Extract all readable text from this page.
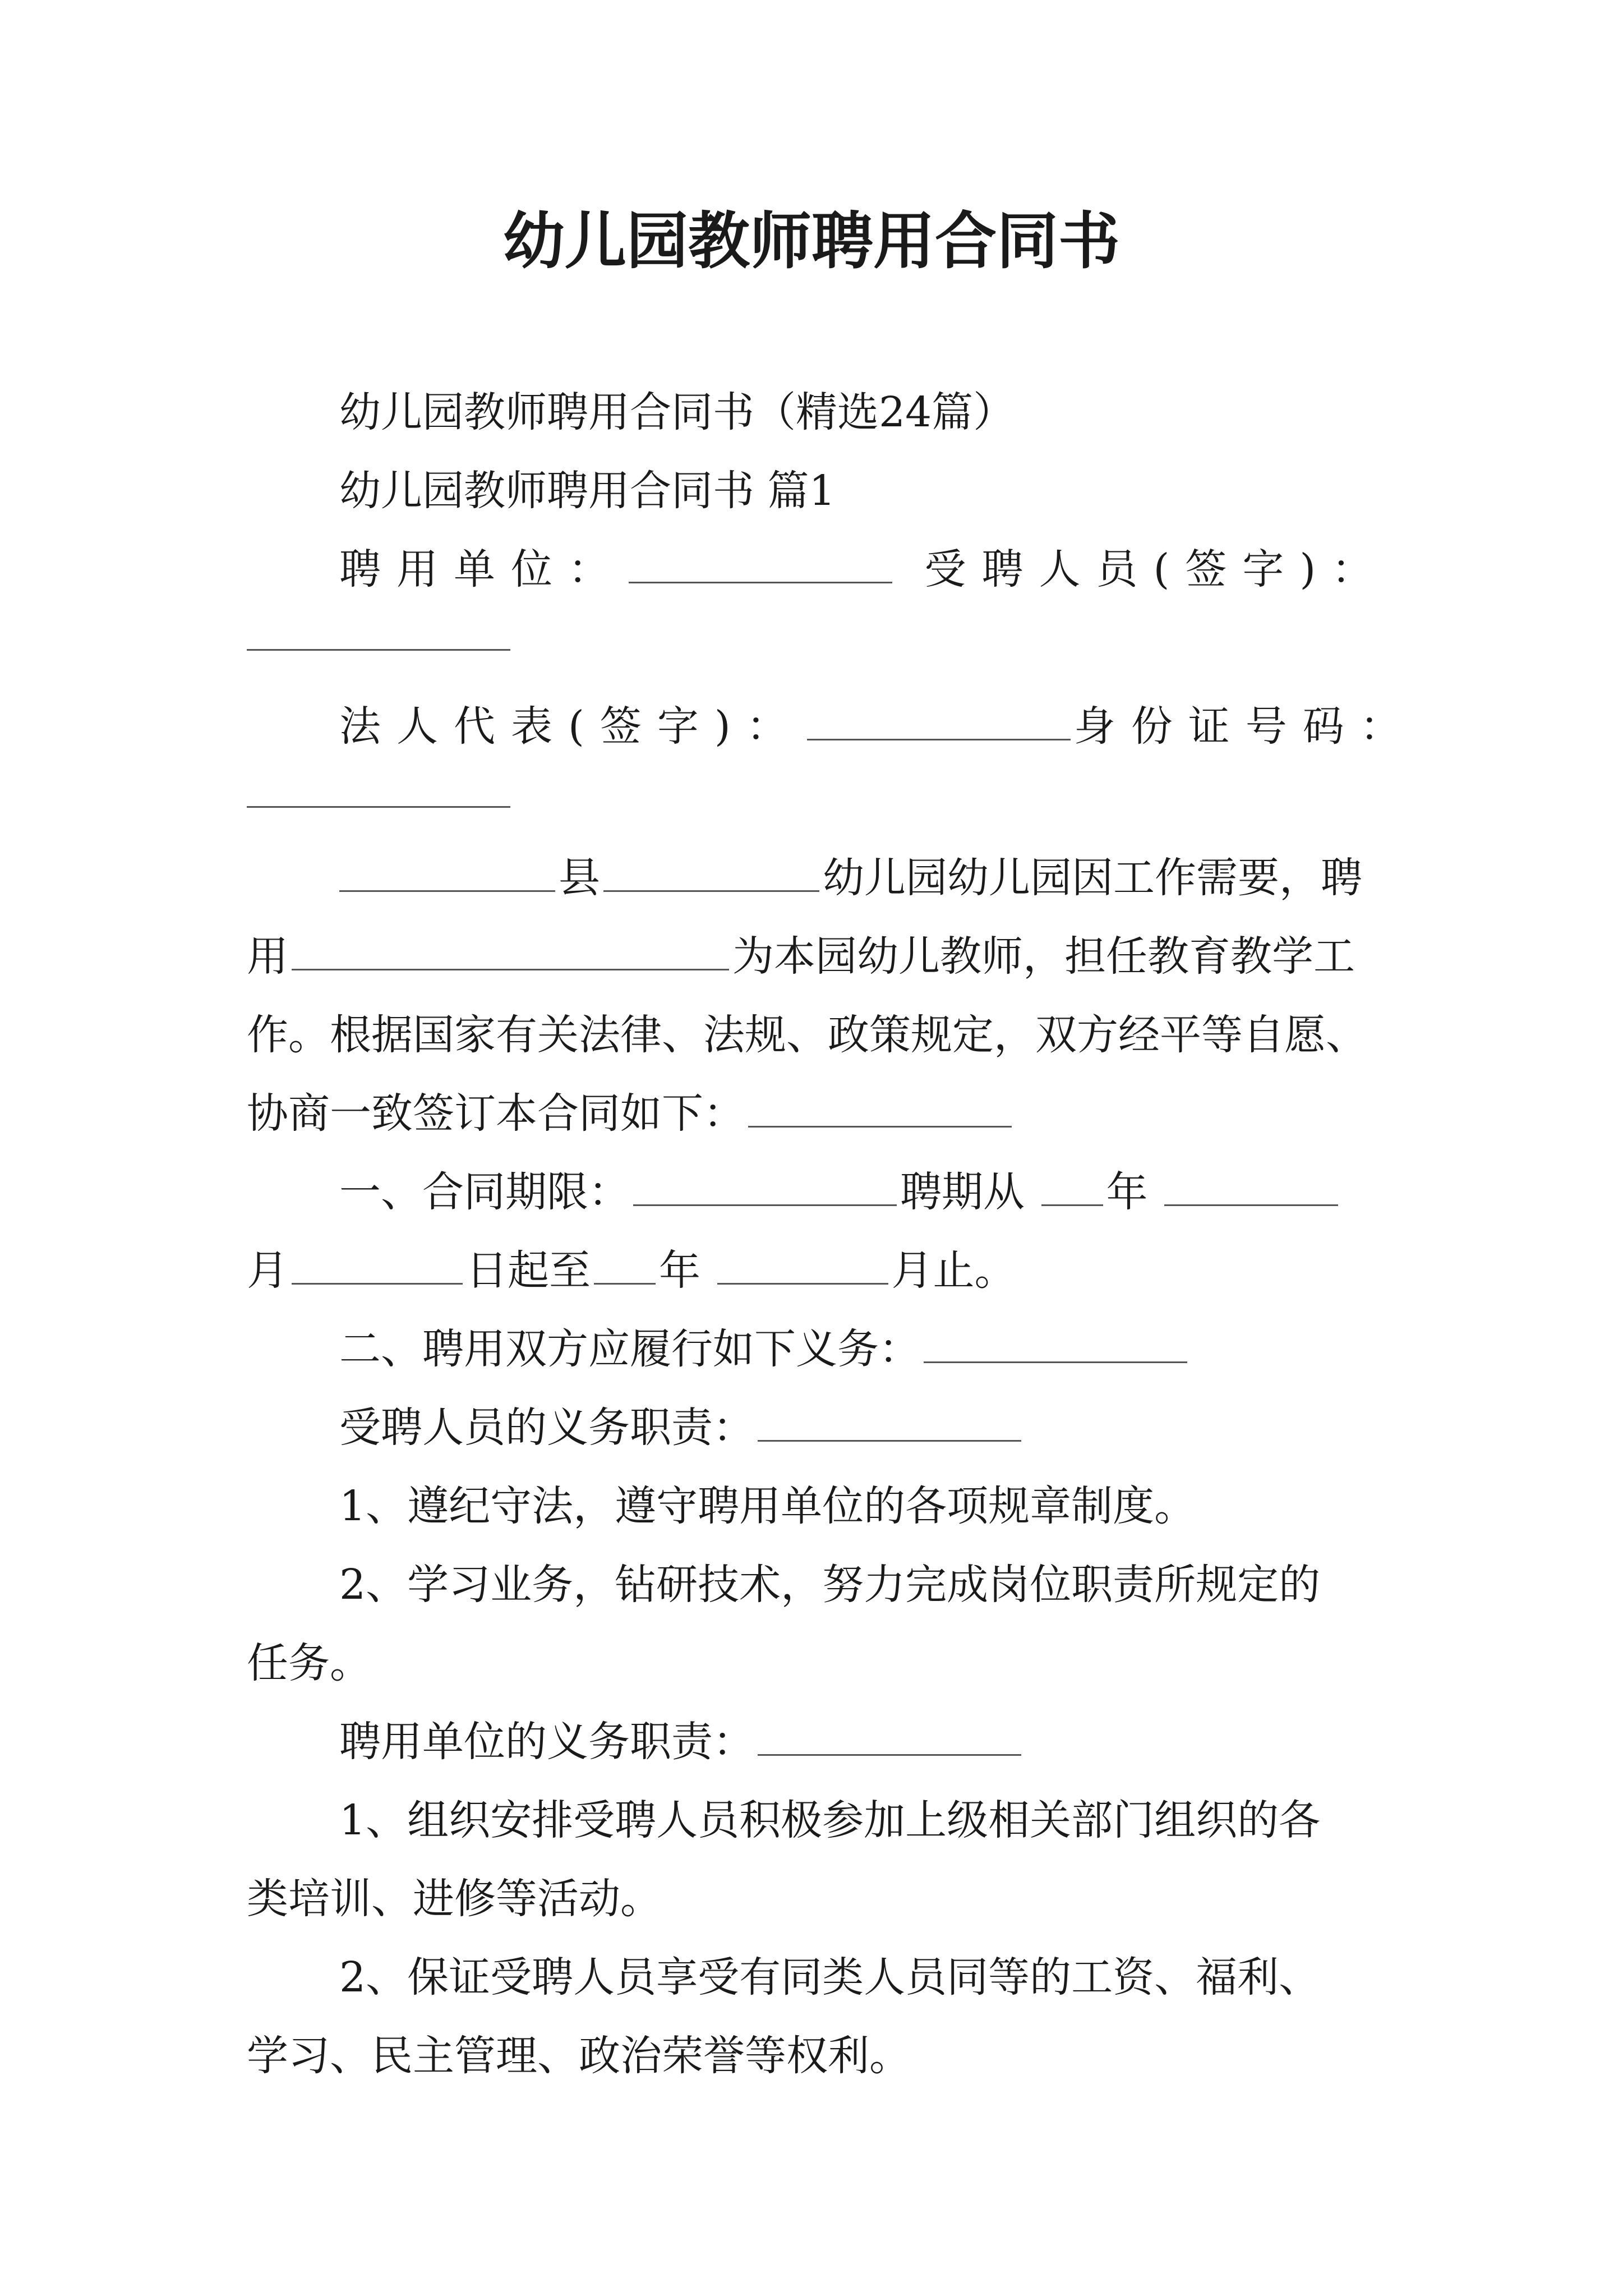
幼儿园教师聘用合同书

幼儿园教师聘用合同书（精选24篇）

幼儿园教师聘用合同书 篇1

聘用单位：	受聘人员(签字)：

法人代表(签字)：	身份证号码：

县	幼儿园幼儿园因工作需要，聘

用	为本园幼儿教师，担任教育教学工

作。根据国家有关法律、法规、政策规定，双方经平等自愿、

协商一致签订本合同如下：

一、合同期限：	聘期从 年

月	日起至 年	月止。

二、聘用双方应履行如下义务：

受聘人员的义务职责：

1、遵纪守法，遵守聘用单位的各项规章制度。

2、学习业务，钻研技术，努力完成岗位职责所规定的

任务。

聘用单位的义务职责：

1、组织安排受聘人员积极参加上级相关部门组织的各

类培训、进修等活动。

2、保证受聘人员享受有同类人员同等的工资、福利、

学习、民主管理、政治荣誉等权利。
